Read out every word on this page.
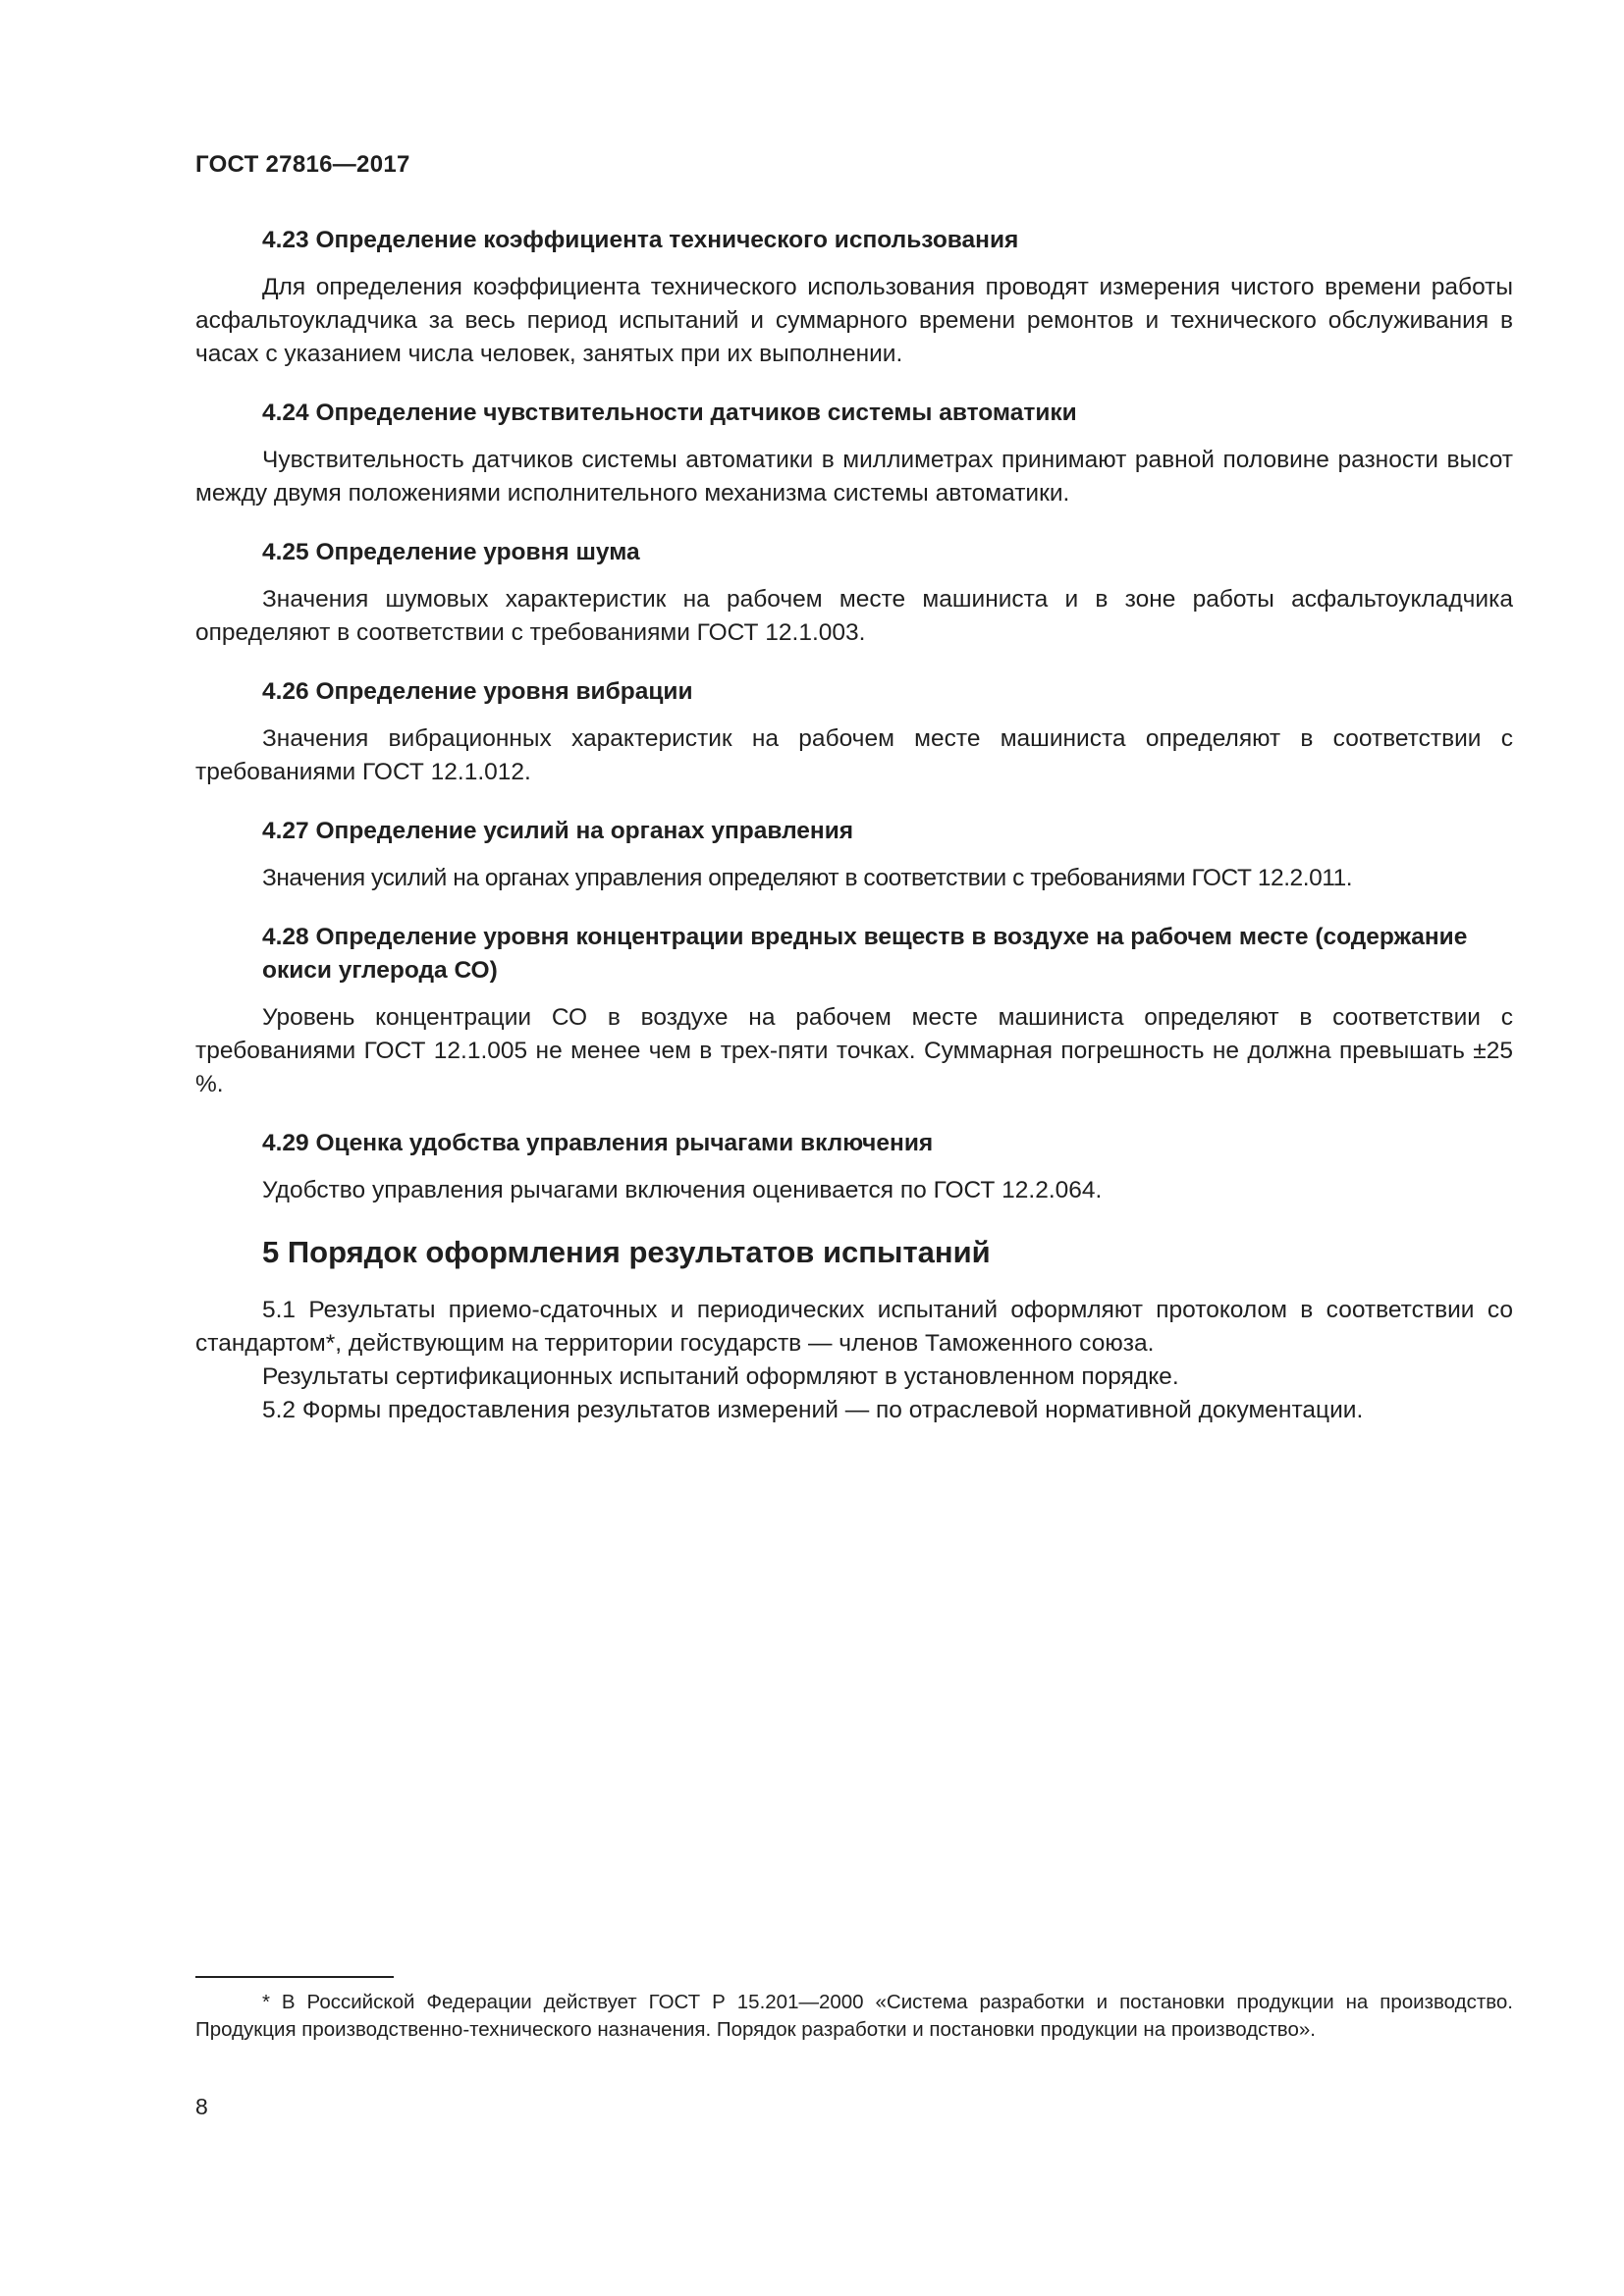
ГОСТ 27816—2017
4.23 Определение коэффициента технического использования

Для определения коэффициента технического использования проводят измерения чистого времени работы асфальтоукладчика за весь период испытаний и суммарного времени ремонтов и технического обслуживания в часах с указанием числа человек, занятых при их выполнении.

4.24 Определение чувствительности датчиков системы автоматики

Чувствительность датчиков системы автоматики в миллиметрах принимают равной половине разности высот между двумя положениями исполнительного механизма системы автоматики.

4.25 Определение уровня шума

Значения шумовых характеристик на рабочем месте машиниста и в зоне работы асфальтоукладчика определяют в соответствии с требованиями ГОСТ 12.1.003.

4.26 Определение уровня вибрации

Значения вибрационных характеристик на рабочем месте машиниста определяют в соответствии с требованиями ГОСТ 12.1.012.

4.27 Определение усилий на органах управления

Значения усилий на органах управления определяют в соответствии с требованиями ГОСТ 12.2.011.

4.28 Определение уровня концентрации вредных веществ в воздухе на рабочем месте (содержание окиси углерода СО)

Уровень концентрации СО в воздухе на рабочем месте машиниста определяют в соответствии с требованиями ГОСТ 12.1.005 не менее чем в трех-пяти точках. Суммарная погрешность не должна превышать ±25 %.

4.29 Оценка удобства управления рычагами включения

Удобство управления рычагами включения оценивается по ГОСТ 12.2.064.

5 Порядок оформления результатов испытаний

5.1 Результаты приемо-сдаточных и периодических испытаний оформляют протоколом в соответствии со стандартом*, действующим на территории государств — членов Таможенного союза.

Результаты сертификационных испытаний оформляют в установленном порядке.

5.2 Формы предоставления результатов измерений — по отраслевой нормативной документации.

* В Российской Федерации действует ГОСТ Р 15.201—2000 «Система разработки и постановки продукции на производство. Продукция производственно-технического назначения. Порядок разработки и постановки продукции на производство».

8
